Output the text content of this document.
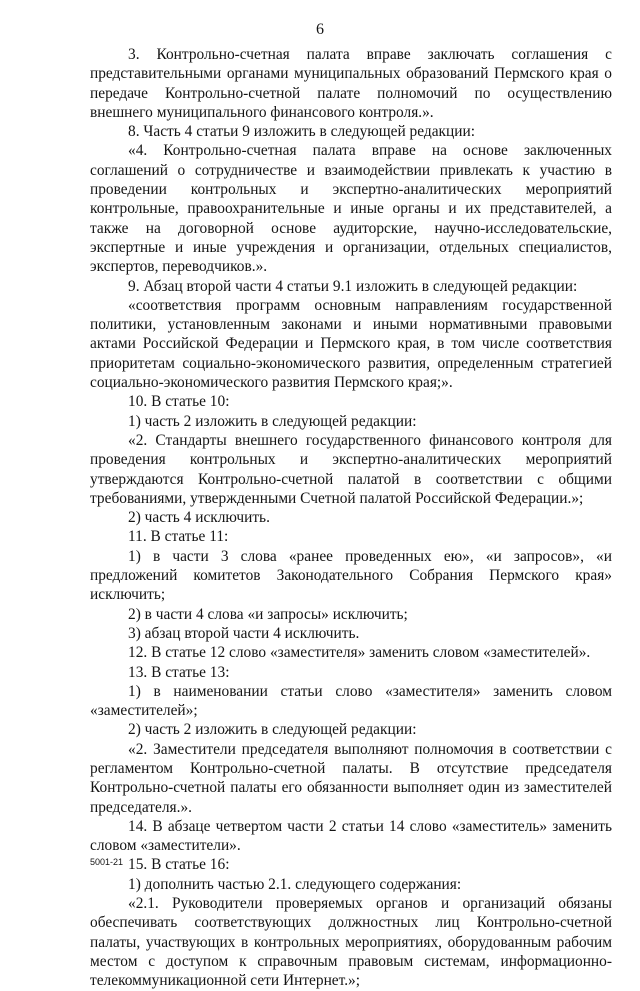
6

3. Контрольно-счетная палата вправе заключать соглашения с представительными органами муниципальных образований Пермского края о передаче Контрольно-счетной палате полномочий по осуществлению внешнего муниципального финансового контроля.».

8. Часть 4 статьи 9 изложить в следующей редакции:

«4. Контрольно-счетная палата вправе на основе заключенных соглашений о сотрудничестве и взаимодействии привлекать к участию в проведении контрольных и экспертно-аналитических мероприятий контрольные, правоохранительные и иные органы и их представителей, а также на договорной основе аудиторские, научно-исследовательские, экспертные и иные учреждения и организации, отдельных специалистов, экспертов, переводчиков.».

9. Абзац второй части 4 статьи 9.1 изложить в следующей редакции:

«соответствия программ основным направлениям государственной политики, установленным законами и иными нормативными правовыми актами Российской Федерации и Пермского края, в том числе соответствия приоритетам социально-экономического развития, определенным стратегией социально-экономического развития Пермского края;».

10. В статье 10:

1) часть 2 изложить в следующей редакции:

«2. Стандарты внешнего государственного финансового контроля для проведения контрольных и экспертно-аналитических мероприятий утверждаются Контрольно-счетной палатой в соответствии с общими требованиями, утвержденными Счетной палатой Российской Федерации.»;

2) часть 4 исключить.

11. В статье 11:

1) в части 3 слова «ранее проведенных ею», «и запросов», «и предложений комитетов Законодательного Собрания Пермского края» исключить;

2) в части 4 слова «и запросы» исключить;

3) абзац второй части 4 исключить.

12. В статье 12 слово «заместителя» заменить словом «заместителей».

13. В статье 13:

1) в наименовании статьи слово «заместителя» заменить словом «заместителей»;

2) часть 2 изложить в следующей редакции:

«2. Заместители председателя выполняют полномочия в соответствии с регламентом Контрольно-счетной палаты. В отсутствие председателя Контрольно-счетной палаты его обязанности выполняет один из заместителей председателя.».

14. В абзаце четвертом части 2 статьи 14 слово «заместитель» заменить словом «заместители».

15. В статье 16:

1) дополнить частью 2.1. следующего содержания:

«2.1. Руководители проверяемых органов и организаций обязаны обеспечивать соответствующих должностных лиц Контрольно-счетной палаты, участвующих в контрольных мероприятиях, оборудованным рабочим местом с доступом к справочным правовым системам, информационно-телекоммуникационной сети Интернет.»;

5001-21
